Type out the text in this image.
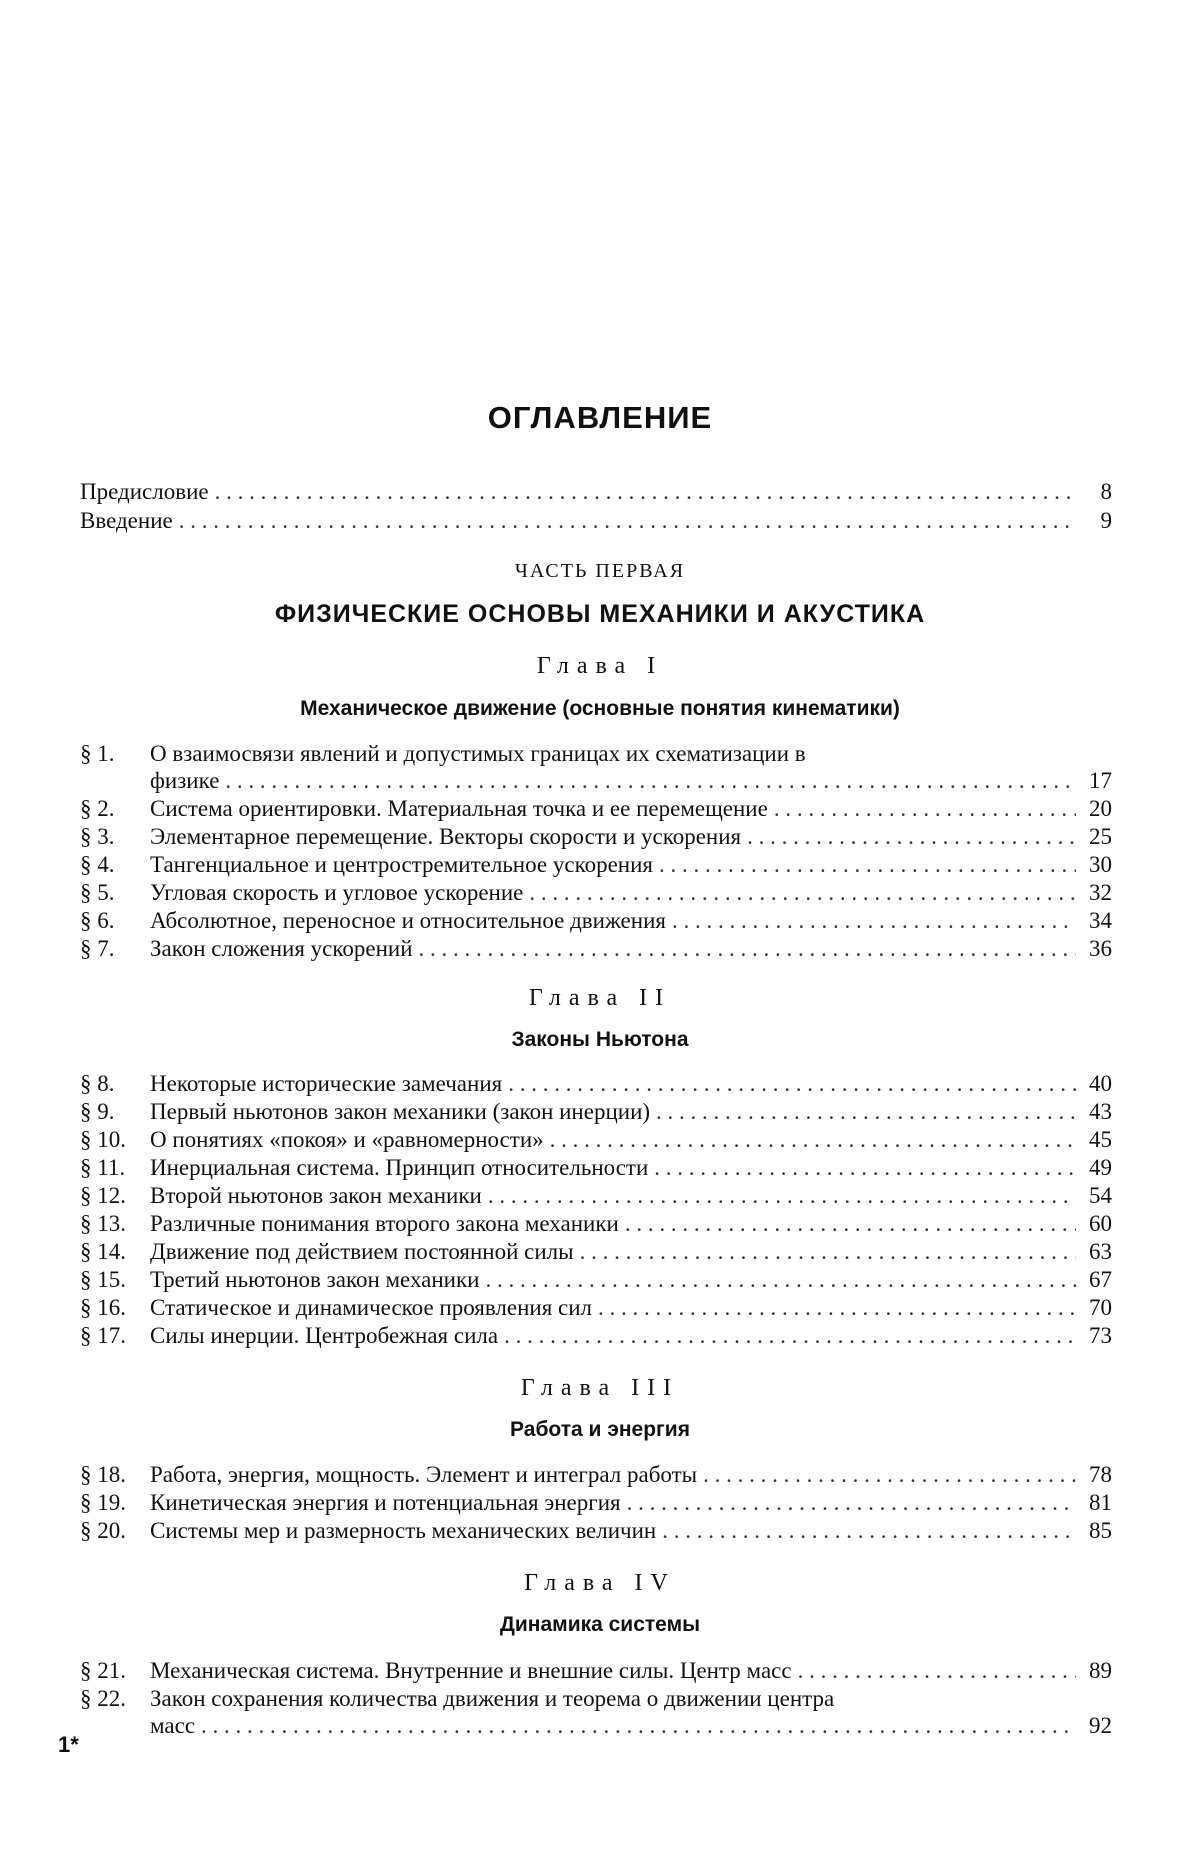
ОГЛАВЛЕНИЕ
Предисловие . . .	8
Введение . . .	9
ЧАСТЬ ПЕРВАЯ
ФИЗИЧЕСКИЕ ОСНОВЫ МЕХАНИКИ И АКУСТИКА
Глава I
Механическое движение (основные понятия кинематики)
§ 1.	О взаимосвязи явлений и допустимых границах их схематизации в
физике . . .	17
§ 2.	Система ориентировки. Материальная точка и ее перемещение . . .	20
§ 3.	Элементарное перемещение. Векторы скорости и ускорения . . .	25
§ 4.	Тангенциальное и центростремительное ускорения . . .	30
§ 5.	Угловая скорость и угловое ускорение . . .	32
§ 6.	Абсолютное, переносное и относительное движения . . .	34
§ 7.	Закон сложения ускорений . . .	36
Глава II
Законы Ньютона
§ 8.	Некоторые исторические замечания . . .	40
§ 9.	Первый ньютонов закон механики (закон инерции) . . .	43
§ 10.	О понятиях «покоя» и «равномерности» . . .	45
§ 11.	Инерциальная система. Принцип относительности . . .	49
§ 12.	Второй ньютонов закон механики . . .	54
§ 13.	Различные понимания второго закона механики . . .	60
§ 14.	Движение под действием постоянной силы . . .	63
§ 15.	Третий ньютонов закон механики . . .	67
§ 16.	Статическое и динамическое проявления сил . . .	70
§ 17.	Силы инерции. Центробежная сила . . .	73
Глава III
Работа и энергия
§ 18.	Работа, энергия, мощность. Элемент и интеграл работы . . .	78
§ 19.	Кинетическая энергия и потенциальная энергия . . .	81
§ 20.	Системы мер и размерность механических величин . . .	85
Глава IV
Динамика системы
§ 21.	Механическая система. Внутренние и внешние силы. Центр масс . . .	89
§ 22.	Закон сохранения количества движения и теорема о движении центра
масс . . .	92
1*
